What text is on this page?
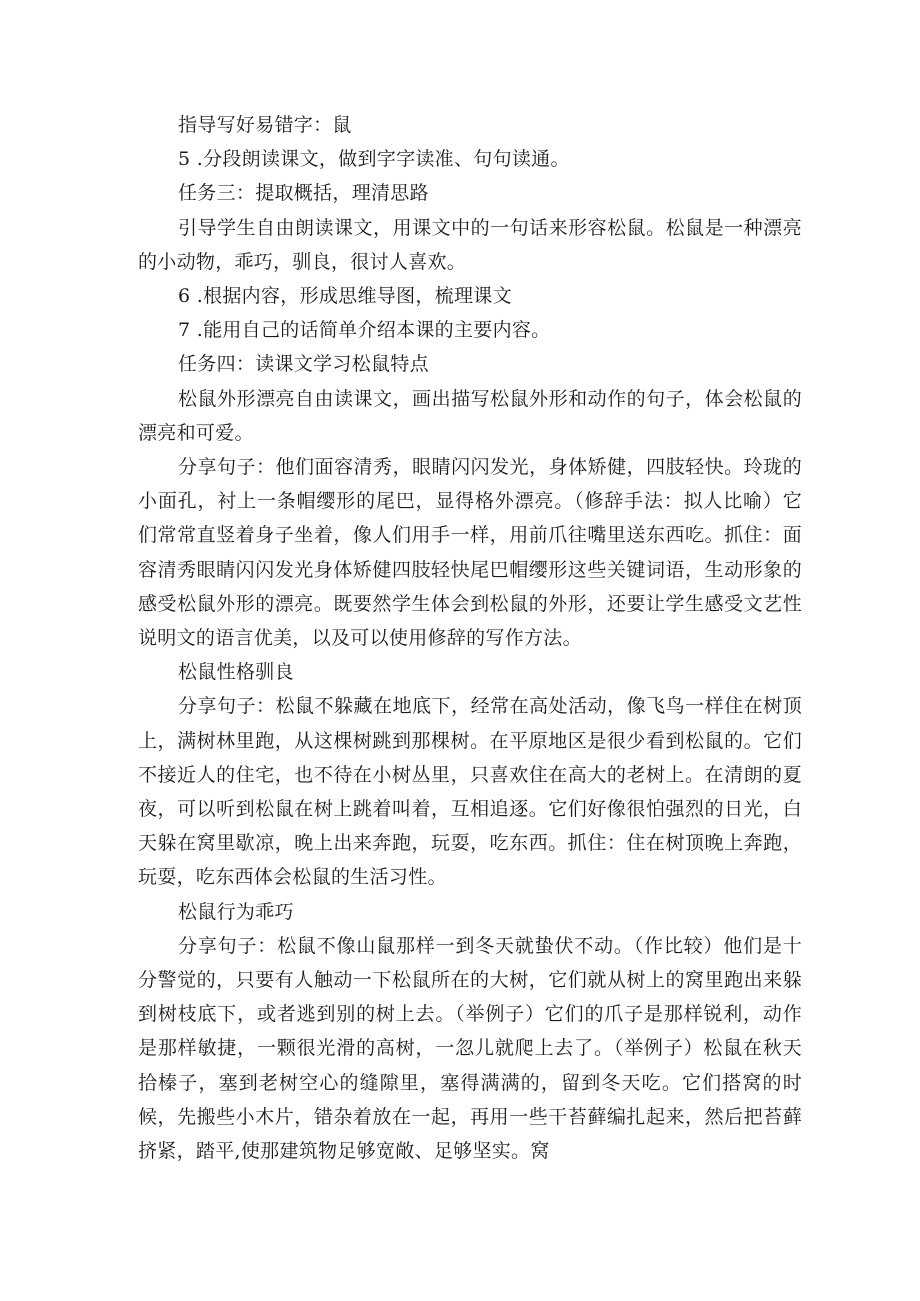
指导写好易错字：鼠

5 .分段朗读课文，做到字字读准、句句读通。

任务三：提取概括，理清思路

引导学生自由朗读课文，用课文中的一句话来形容松鼠。松鼠是一种漂亮的小动物，乖巧，驯良，很讨人喜欢。

6 .根据内容，形成思维导图，梳理课文

7 .能用自己的话简单介绍本课的主要内容。

任务四：读课文学习松鼠特点

松鼠外形漂亮自由读课文，画出描写松鼠外形和动作的句子，体会松鼠的漂亮和可爱。

分享句子：他们面容清秀，眼睛闪闪发光，身体矫健，四肢轻快。玲珑的小面孔，衬上一条帽缨形的尾巴，显得格外漂亮。（修辞手法：拟人比喻）它们常常直竖着身子坐着，像人们用手一样，用前爪往嘴里送东西吃。抓住：面容清秀眼睛闪闪发光身体矫健四肢轻快尾巴帽缨形这些关键词语，生动形象的感受松鼠外形的漂亮。既要然学生体会到松鼠的外形，还要让学生感受文艺性说明文的语言优美，以及可以使用修辞的写作方法。

松鼠性格驯良

分享句子：松鼠不躲藏在地底下，经常在高处活动，像飞鸟一样住在树顶上，满树林里跑，从这棵树跳到那棵树。在平原地区是很少看到松鼠的。它们不接近人的住宅，也不待在小树丛里，只喜欢住在高大的老树上。在清朗的夏夜，可以听到松鼠在树上跳着叫着，互相追逐。它们好像很怕强烈的日光，白天躲在窝里歇凉，晚上出来奔跑，玩耍，吃东西。抓住：住在树顶晚上奔跑，玩耍，吃东西体会松鼠的生活习性。

松鼠行为乖巧

分享句子：松鼠不像山鼠那样一到冬天就蛰伏不动。（作比较）他们是十分警觉的，只要有人触动一下松鼠所在的大树，它们就从树上的窝里跑出来躲到树枝底下，或者逃到别的树上去。（举例子）它们的爪子是那样锐利，动作是那样敏捷，一颗很光滑的高树，一忽儿就爬上去了。（举例子）松鼠在秋天拾榛子，塞到老树空心的缝隙里，塞得满满的，留到冬天吃。它们搭窝的时候，先搬些小木片，错杂着放在一起，再用一些干苔藓编扎起来，然后把苔藓挤紧，踏平,使那建筑物足够宽敞、足够坚实。窝
